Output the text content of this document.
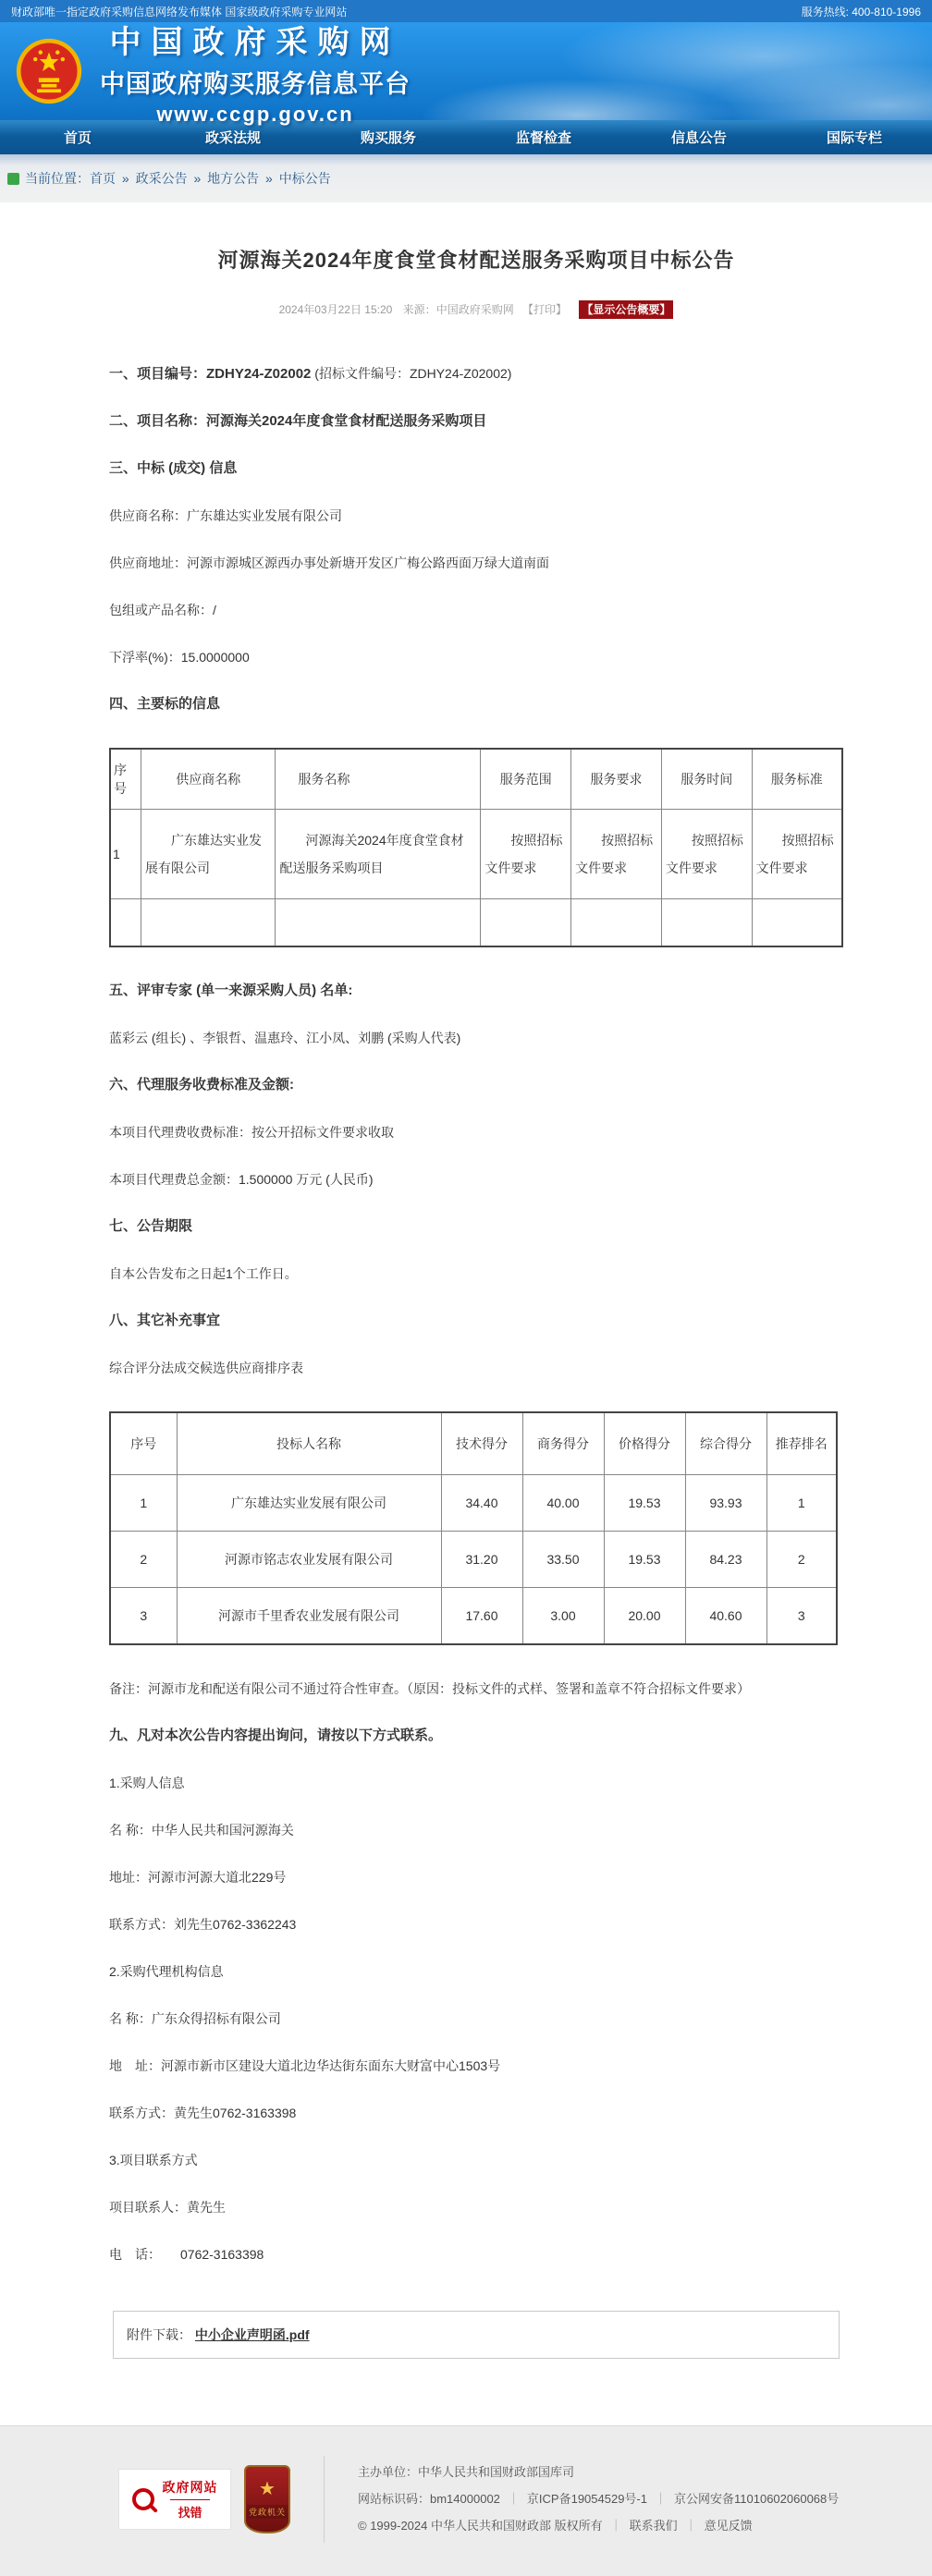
财政部唯一指定政府采购信息网络发布媒体 国家级政府采购专业网站	服务热线: 400-810-1996
中国政府采购网
中国政府购买服务信息平台
www.ccgp.gov.cn
首页	政采法规	购买服务	监督检查	信息公告	国际专栏
当前位置： 首页 » 政采公告 » 地方公告 » 中标公告
河源海关2024年度食堂食材配送服务采购项目中标公告
2024年03月22日 15:20 来源：中国政府采购网 【打印】 【显示公告概要】

一、项目编号：ZDHY24-Z02002 (招标文件编号：ZDHY24-Z02002)

二、项目名称：河源海关2024年度食堂食材配送服务采购项目

三、中标 (成交) 信息

供应商名称：广东雄达实业发展有限公司

供应商地址：河源市源城区源西办事处新塘开发区广梅公路西面万绿大道南面

包组或产品名称：/

下浮率(%)：15.0000000

四、主要标的信息

序号	供应商名称	服务名称	服务范围	服务要求	服务时间	服务标准
1	广东雄达实业发展有限公司	河源海关2024年度食堂食材配送服务采购项目	按照招标文件要求	按照招标文件要求	按照招标文件要求	按照招标文件要求

五、评审专家 (单一来源采购人员) 名单:

蓝彩云 (组长) 、李银哲、温惠玲、江小凤、刘鹏 (采购人代表)

六、代理服务收费标准及金额:

本项目代理费收费标准：按公开招标文件要求收取

本项目代理费总金额：1.500000 万元 (人民币)

七、公告期限

自本公告发布之日起1个工作日。

八、其它补充事宜

综合评分法成交候选供应商排序表

序号	投标人名称	技术得分	商务得分	价格得分	综合得分	推荐排名
1	广东雄达实业发展有限公司	34.40	40.00	19.53	93.93	1
2	河源市铭志农业发展有限公司	31.20	33.50	19.53	84.23	2
3	河源市千里香农业发展有限公司	17.60	3.00	20.00	40.60	3

备注：河源市龙和配送有限公司不通过符合性审查。（原因：投标文件的式样、签署和盖章不符合招标文件要求）

九、凡对本次公告内容提出询问，请按以下方式联系。

1.采购人信息

名 称：中华人民共和国河源海关

地址：河源市河源大道北229号

联系方式：刘先生0762-3362243

2.采购代理机构信息

名 称：广东众得招标有限公司

地　址：河源市新市区建设大道北边华达街东面东大财富中心1503号

联系方式：黄先生0762-3163398

3.项目联系方式

项目联系人：黄先生

电　话：　　0762-3163398

附件下载： 中小企业声明函.pdf
政府网站
找错
★
党政机关
主办单位：中华人民共和国财政部国库司
网站标识码：bm14000002 ｜ 京ICP备19054529号-1 ｜ 京公网安备11010602060068号
© 1999-2024 中华人民共和国财政部 版权所有 ｜ 联系我们 ｜ 意见反馈
